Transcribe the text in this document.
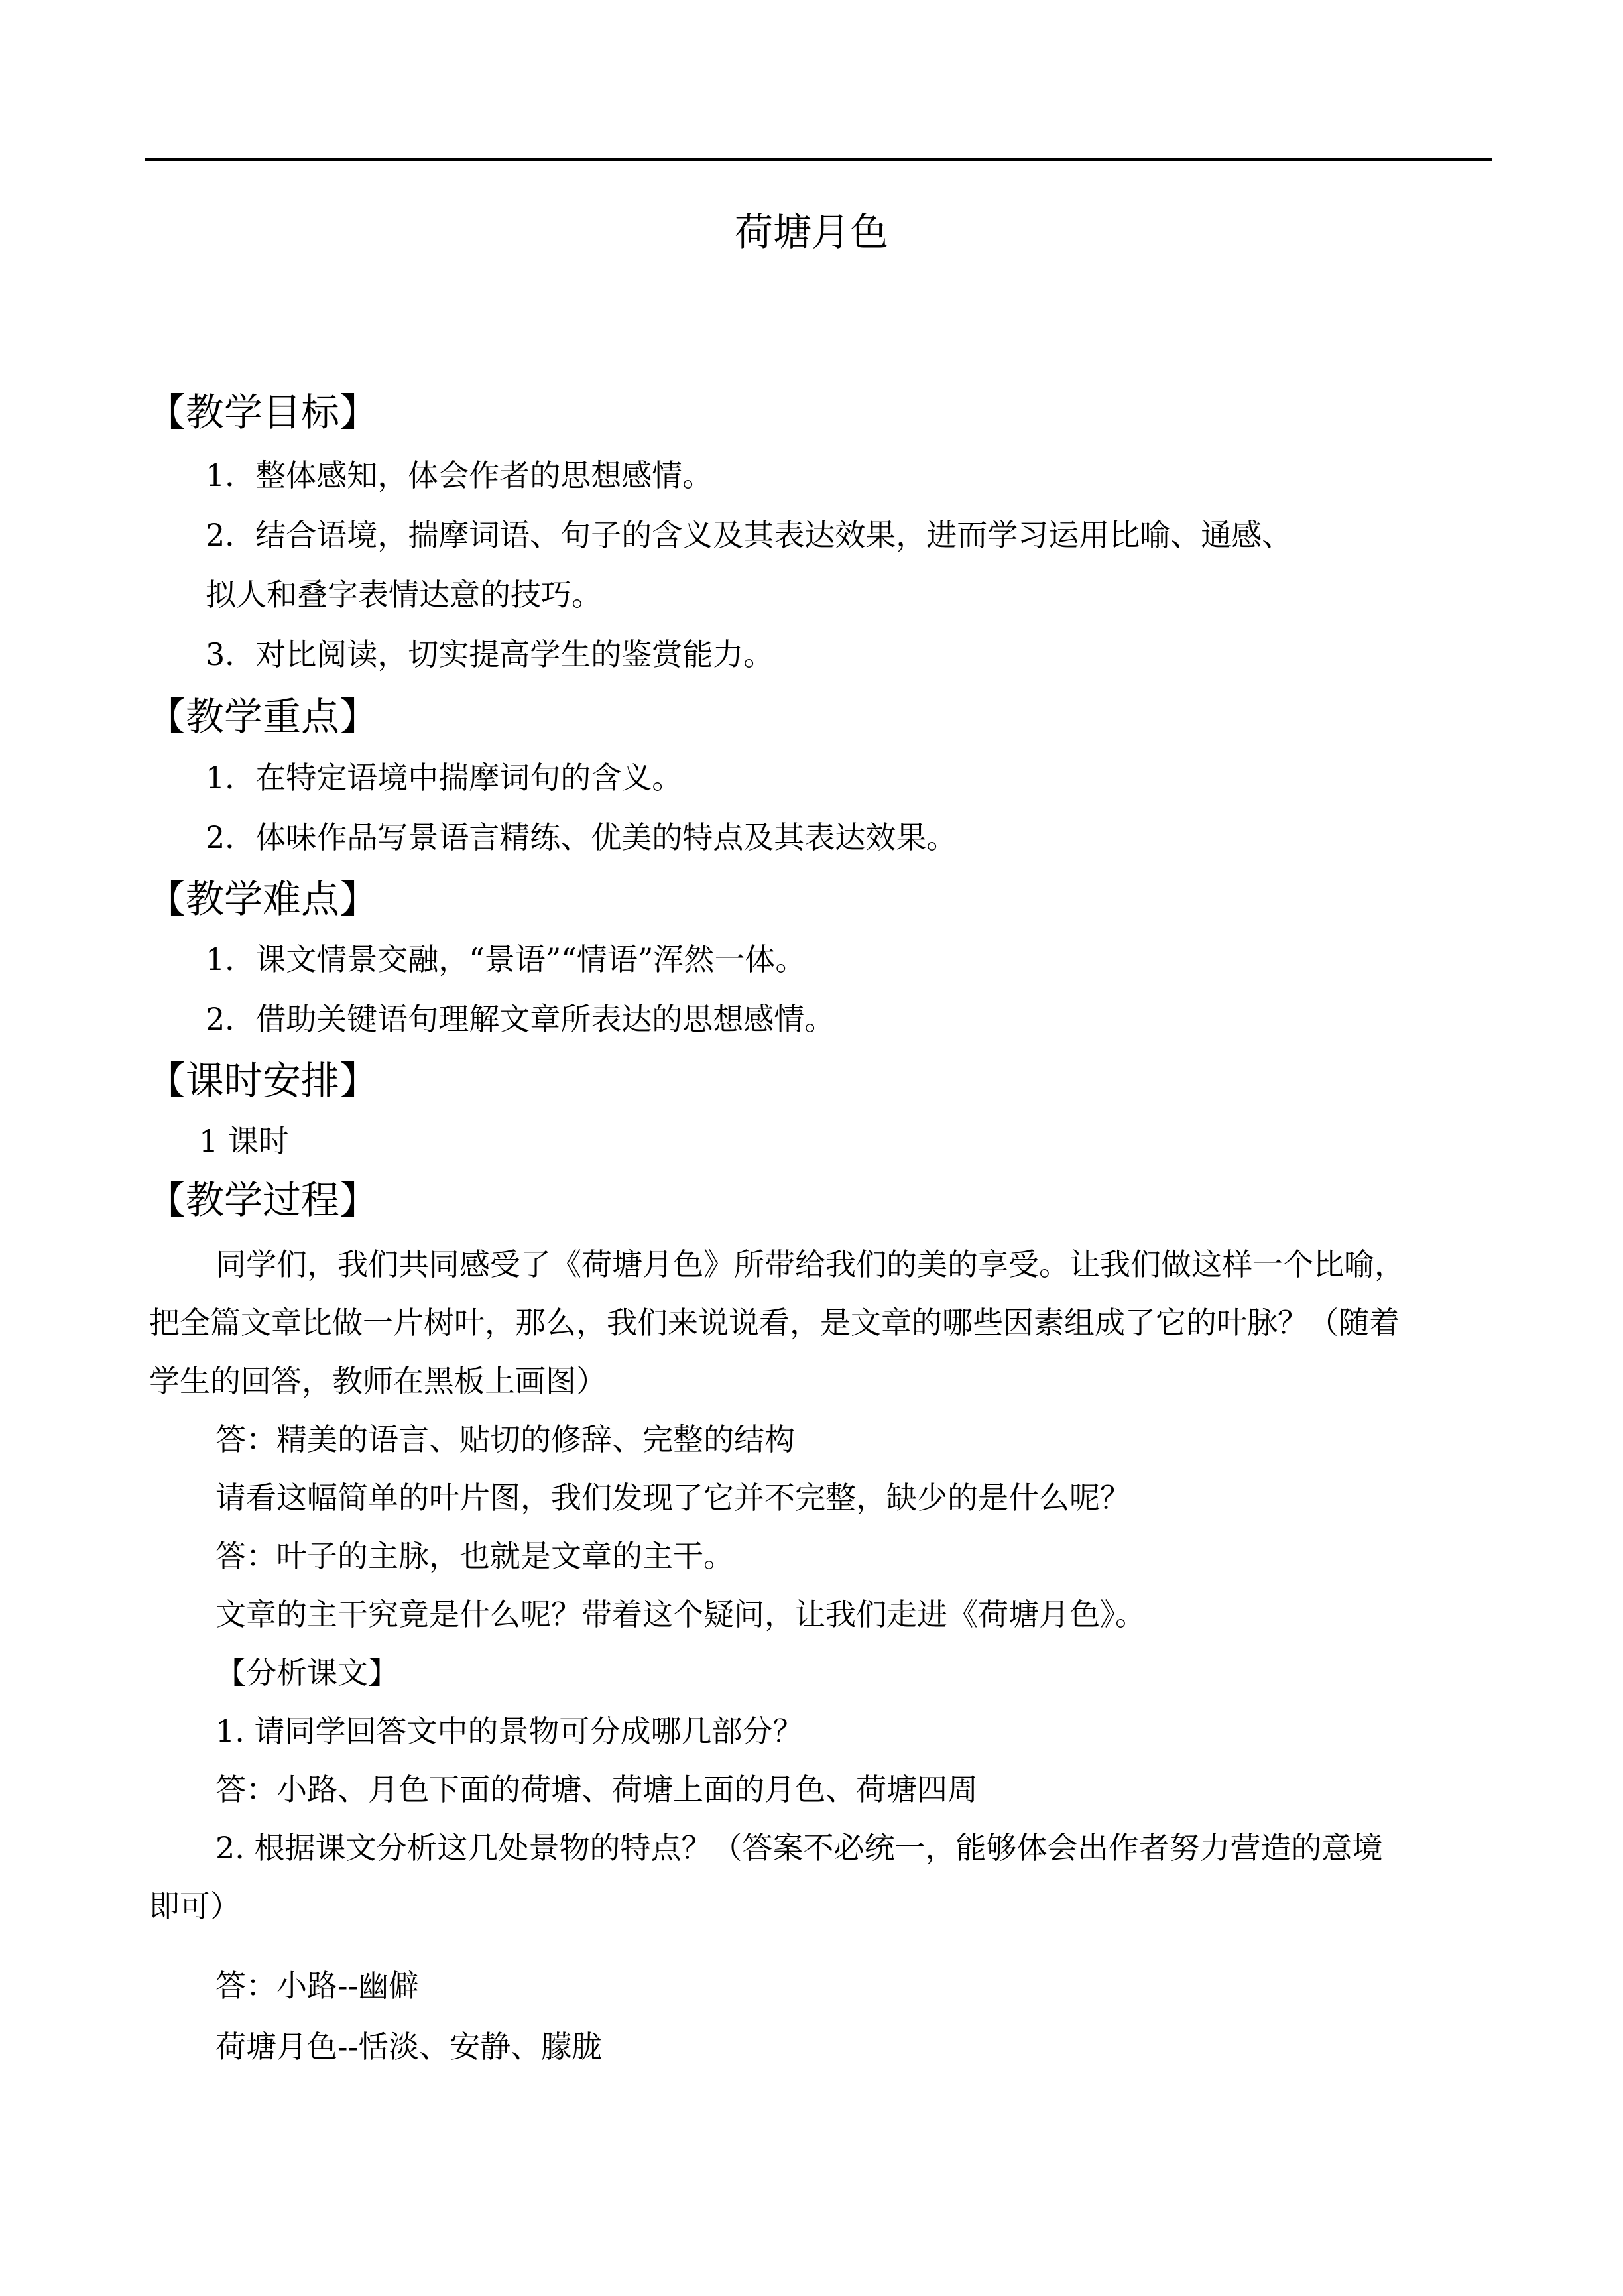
荷塘月色
【教学目标】
1．整体感知，体会作者的思想感情。
2．结合语境，揣摩词语、句子的含义及其表达效果，进而学习运用比喻、通感、
拟人和叠字表情达意的技巧。
3．对比阅读，切实提高学生的鉴赏能力。
【教学重点】
1．在特定语境中揣摩词句的含义。
2．体味作品写景语言精练、优美的特点及其表达效果。
【教学难点】
1．课文情景交融，“景语”“情语”浑然一体。
2．借助关键语句理解文章所表达的思想感情。
【课时安排】
1 课时
【教学过程】
同学们，我们共同感受了《荷塘月色》所带给我们的美的享受。让我们做这样一个比喻，
把全篇文章比做一片树叶，那么，我们来说说看，是文章的哪些因素组成了它的叶脉？（随着
学生的回答，教师在黑板上画图）
答：精美的语言、贴切的修辞、完整的结构
请看这幅简单的叶片图，我们发现了它并不完整，缺少的是什么呢？
答：叶子的主脉，也就是文章的主干。
文章的主干究竟是什么呢？带着这个疑问，让我们走进《荷塘月色》。
【分析课文】
1. 请同学回答文中的景物可分成哪几部分？
答：小路、月色下面的荷塘、荷塘上面的月色、荷塘四周
2. 根据课文分析这几处景物的特点？（答案不必统一，能够体会出作者努力营造的意境
即可）
答：小路--幽僻
荷塘月色--恬淡、安静、朦胧
